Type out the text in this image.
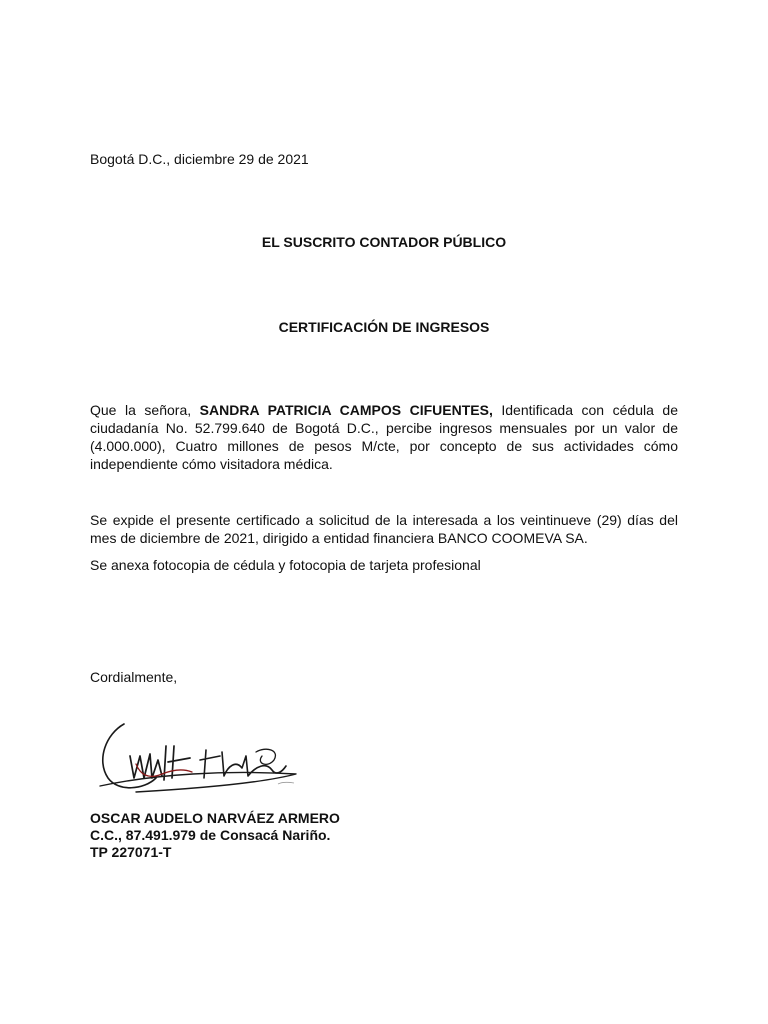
Bogotá D.C., diciembre 29 de 2021

EL SUSCRITO CONTADOR PÚBLICO

CERTIFICACIÓN DE INGRESOS

Que la señora, SANDRA PATRICIA CAMPOS CIFUENTES, Identificada con cédula de ciudadanía No. 52.799.640 de Bogotá D.C., percibe ingresos mensuales por un valor de (4.000.000), Cuatro millones de pesos M/cte, por concepto de sus actividades cómo independiente cómo visitadora médica.

Se expide el presente certificado a solicitud de la interesada a los veintinueve (29) días del mes de diciembre de 2021, dirigido a entidad financiera BANCO COOMEVA SA.

Se anexa fotocopia de cédula y fotocopia de tarjeta profesional

Cordialmente,

OSCAR AUDELO NARVÁEZ ARMERO
C.C., 87.491.979 de Consacá Nariño.
TP 227071-T
